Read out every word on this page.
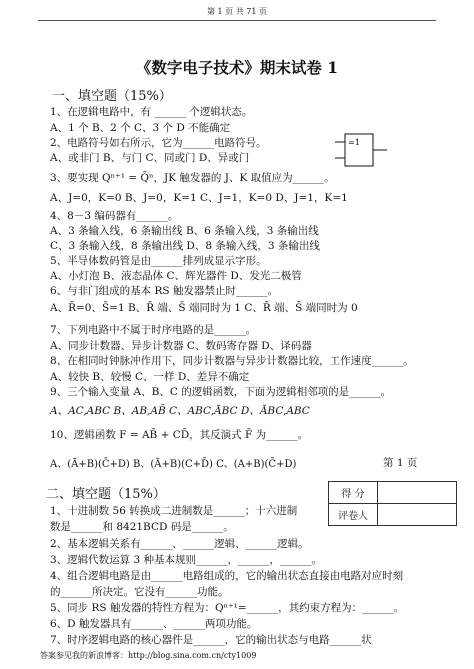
第 1 页 共 71 页
《数字电子技术》期末试卷 1
一、填空题（15%）
1、在逻辑电路中，有 ______ 个逻辑状态。
A、1 个 B、2 个 C、3 个 D 不能确定
2、电路符号如右所示，它为______电路符号。
A、或非门 B、与门 C、同或门 D、异或门
=1
3、要实现 Qⁿ⁺¹ = Q̄ⁿ，JK 触发器的 J、K 取值应为______。
A、J=0，K=0 B、J=0，K=1 C、J=1，K=0 D、J=1，K=1
4、8－3 编码器有______。
A、3 条输入线，6 条输出线 B、6 条输入线，3 条输出线
C、3 条输入线，8 条输出线 D、8 条输入线，3 条输出线
5、半导体数码管是由______排列成显示字形。
A、小灯泡 B、液态晶体 C、辉光器件 D、发光二极管
6、与非门组成的基本 RS 触发器禁止时______。
A、R̄=0、S̄=1 B、R̄ 端、S̄ 端同时为 1 C、R̄ 端、S̄ 端同时为 0
7、下列电路中不属于时序电路的是______。
A、同步计数器、异步计数器 C、数码寄存器 D、译码器
8、在相同时钟脉冲作用下，同步计数器与异步计数器比较，工作速度______。
A、较快 B、较慢 C、一样 D、差异不确定
9、三个输入变量 A、B、C 的逻辑函数，下面为逻辑相邻项的是______。
A、AC,ABC B、AB,AB̄ C、ABC,ĀBC D、ĀBC,ABC
10、逻辑函数 F = AB̄ + CD̄，其反演式 F̄ 为______。
A、(Ā+B)(C̄+D) B、(Ā+B)(C+D̄) C、(A+B)(C̄+D)	第 1 页
二、填空题（15%）	得 分	
评卷人	
1、十进制数 56 转换成二进制数是______；十六进制
数是______和 8421BCD 码是______。
2、基本逻辑关系有______、______逻辑、______逻辑。
3、逻辑代数运算 3 种基本规则______，______，______。
4、组合逻辑电路是由______电路组成的，它的输出状态直接由电路对应时刻
的______所决定。它没有______功能。
5、同步 RS 触发器的特性方程为：Qⁿ⁺¹=______，其约束方程为：______。
6、D 触发器具有______、______两项功能。
7、时序逻辑电路的核心器件是______，它的输出状态与电路______状
答案参见我的新浪博客：http://blog.sina.com.cn/cty1009
